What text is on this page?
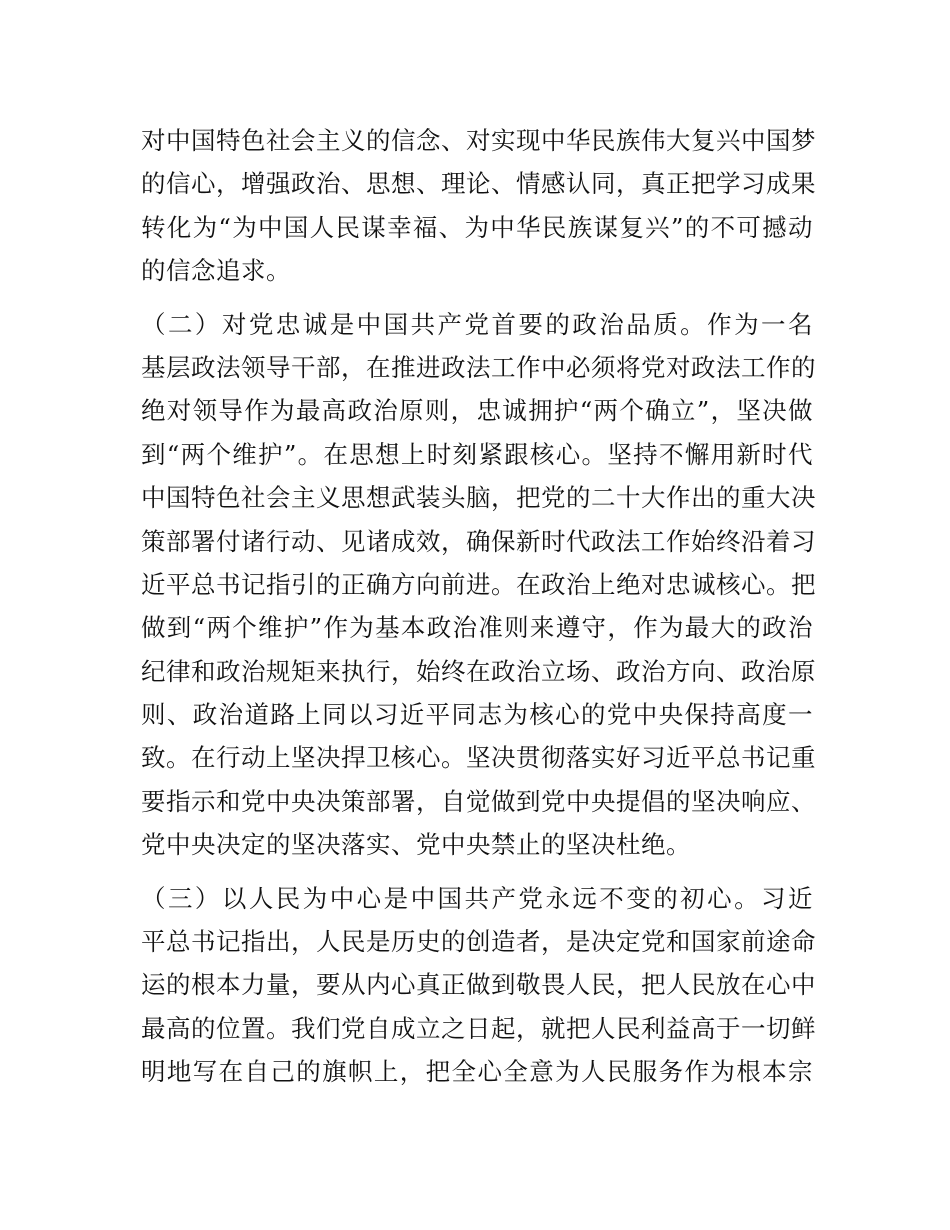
对中国特色社会主义的信念、对实现中华民族伟大复兴中国梦
的信心，增强政治、思想、理论、情感认同，真正把学习成果
转化为“为中国人民谋幸福、为中华民族谋复兴”的不可撼动
的信念追求。
（二）对党忠诚是中国共产党首要的政治品质。作为一名
基层政法领导干部，在推进政法工作中必须将党对政法工作的
绝对领导作为最高政治原则，忠诚拥护“两个确立”，坚决做
到“两个维护”。在思想上时刻紧跟核心。坚持不懈用新时代
中国特色社会主义思想武装头脑，把党的二十大作出的重大决
策部署付诸行动、见诸成效，确保新时代政法工作始终沿着习
近平总书记指引的正确方向前进。在政治上绝对忠诚核心。把
做到“两个维护”作为基本政治准则来遵守，作为最大的政治
纪律和政治规矩来执行，始终在政治立场、政治方向、政治原
则、政治道路上同以习近平同志为核心的党中央保持高度一
致。在行动上坚决捍卫核心。坚决贯彻落实好习近平总书记重
要指示和党中央决策部署，自觉做到党中央提倡的坚决响应、
党中央决定的坚决落实、党中央禁止的坚决杜绝。
（三）以人民为中心是中国共产党永远不变的初心。习近
平总书记指出，人民是历史的创造者，是决定党和国家前途命
运的根本力量，要从内心真正做到敬畏人民，把人民放在心中
最高的位置。我们党自成立之日起，就把人民利益高于一切鲜
明地写在自己的旗帜上，把全心全意为人民服务作为根本宗
